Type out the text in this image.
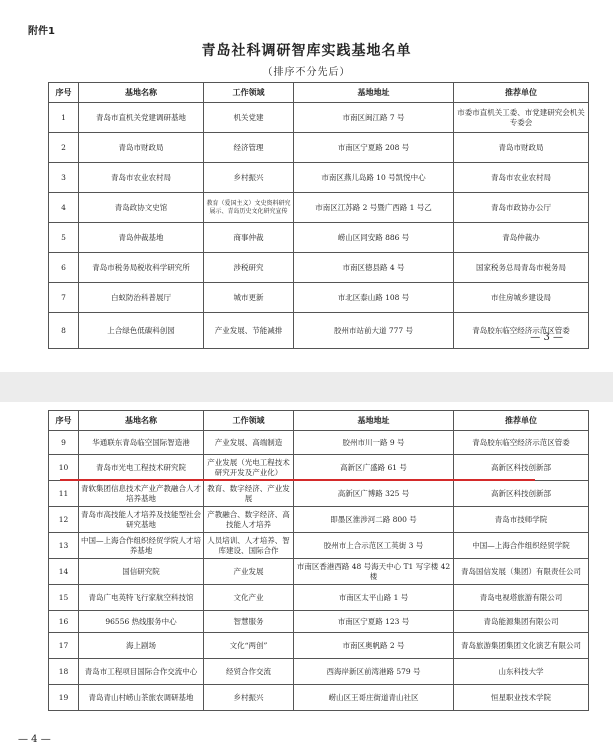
附件1
青岛社科调研智库实践基地名单
（排序不分先后）
序号	基地名称	工作领域	基地地址	推荐单位
1	青岛市直机关党建调研基地	机关党建	市南区闽江路 7 号	市委市直机关工委、市党建研究会机关专委会
2	青岛市财政局	经济管理	市南区宁夏路 208 号	青岛市财政局
3	青岛市农业农村局	乡村振兴	市南区燕儿岛路 10 号凯悦中心	青岛市农业农村局
4	青岛政协文史馆	教育（爱国主义）文史资料研究展示、青岛历史文化研究宣传	市南区江苏路 2 号暨广西路 1 号乙	青岛市政协办公厅
5	青岛仲裁基地	商事仲裁	崂山区同安路 886 号	青岛仲裁办
6	青岛市税务局税收科学研究所	涉税研究	市南区徳县路 4 号	国家税务总局青岛市税务局
7	白蚁防治科普展厅	城市更新	市北区泰山路 108 号	市住房城乡建设局
8	上合绿色低碳科创园	产业发展、节能减排	胶州市站前大道 777 号	青岛胶东临空经济示范区管委
— 3 —
序号	基地名称	工作领域	基地地址	推荐单位
9	华通联东青岛临空国际智造港	产业发展、高端制造	胶州市川一路 9 号	青岛胶东临空经济示范区管委
10	青岛市光电工程技术研究院	产业发展（光电工程技术研究开发及产业化）	高新区广盛路 61 号	高新区科技创新部
11	青软集团信息技术产业产教融合人才培养基地	教育、数字经济、产业发展	高新区广博路 325 号	高新区科技创新部
12	青岛市高技能人才培养及技能型社会研究基地	产教融合、数字经济、高技能人才培养	即墨区淮涉河二路 800 号	青岛市技师学院
13	中国—上海合作组织经贸学院人才培养基地	人员培训、人才培养、智库建设、国际合作	胶州市上合示范区工英街 3 号	中国—上海合作组织经贸学院
14	国信研究院	产业发展	市南区香港西路 48 号海天中心 T1 写字楼 42 楼	青岛国信发展（集团）有限责任公司
15	青岛广电英特飞行家航空科技馆	文化产业	市南区太平山路 1 号	青岛电视塔旅游有限公司
16	96556 热线服务中心	智慧服务	市南区宁夏路 123 号	青岛能源集团有限公司
17	海上剧场	文化“两创”	市南区奥帆路 2 号	青岛旅游集团集团文化演艺有限公司
18	青岛市工程项目国际合作交流中心	经贸合作交流	西海岸新区前湾港路 579 号	山东科技大学
19	青岛青山村崂山茶旅农调研基地	乡村振兴	崂山区王哥庄街道青山社区	恒星职业技术学院
— 4 —
